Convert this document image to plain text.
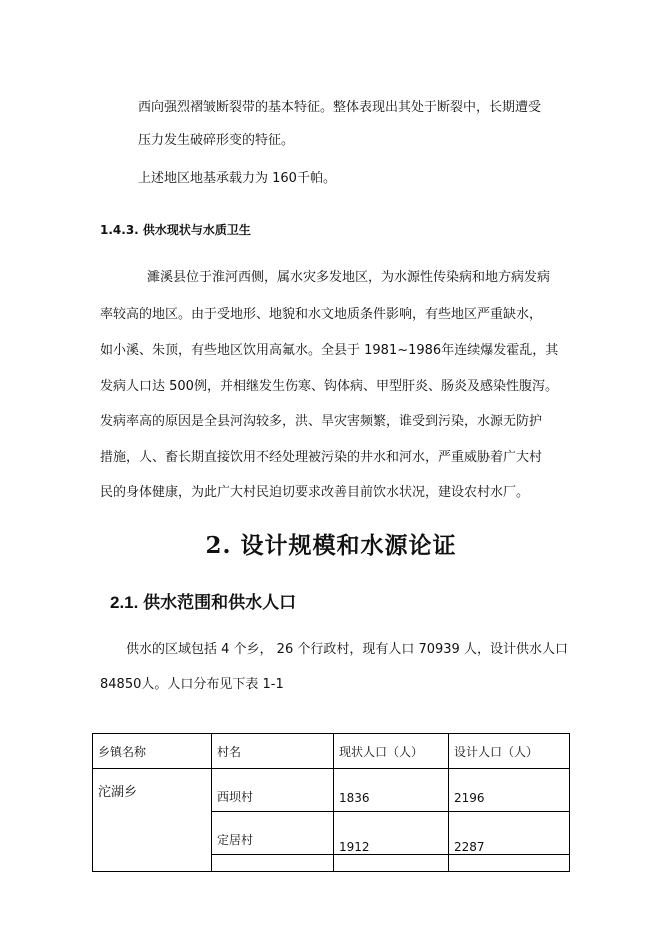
西向强烈褶皱断裂带的基本特征。整体表现出其处于断裂中，长期遭受
压力发生破碎形变的特征。
上述地区地基承载力为 160千帕。
1.4.3. 供水现状与水质卫生
濉溪县位于淮河西侧，属水灾多发地区，为水源性传染病和地方病发病
率较高的地区。由于受地形、地貌和水文地质条件影响，有些地区严重缺水，
如小溪、朱顶，有些地区饮用高氟水。全县于 1981~1986年连续爆发霍乱，其
发病人口达 500例，并相继发生伤寒、钩体病、甲型肝炎、肠炎及感染性腹泻。
发病率高的原因是全县河沟较多，洪、旱灾害频繁，谁受到污染，水源无防护
措施，人、畜长期直接饮用不经处理被污染的井水和河水，严重威胁着广大村
民的身体健康，为此广大村民迫切要求改善目前饮水状况，建设农村水厂。
2. 设计规模和水源论证
2.1. 供水范围和供水人口
供水的区域包括 4 个乡， 26 个行政村，现有人口 70939 人，设计供水人口
84850人。人口分布见下表 1-1
乡镇名称	村名	现状人口（人）	设计人口（人）
沱湖乡	西坝村	1836	2196
	定居村	1912	2287
